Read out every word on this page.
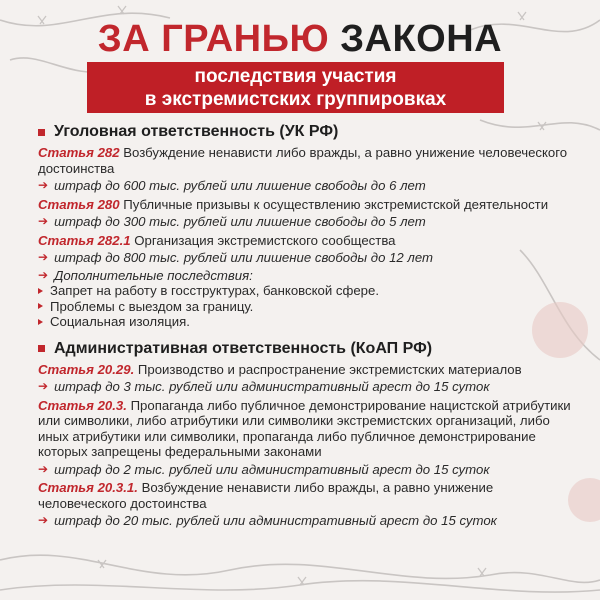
ЗА ГРАНЬЮ ЗАКОНА
последствия участия
в экстремистских группировках
Уголовная ответственность (УК РФ)
Статья 282 Возбуждение ненависти либо вражды, а равно унижение человеческого достоинства
➔ штраф до 600 тыс. рублей или лишение свободы до 6 лет
Статья 280 Публичные призывы к осуществлению экстремистской деятельности
➔ штраф до 300 тыс. рублей или лишение свободы до 5 лет
Статья 282.1 Организация экстремистского сообщества
➔ штраф до 800 тыс. рублей или лишение свободы до 12 лет
➔ Дополнительные последствия:
Запрет на работу в госструктурах, банковской сфере.
Проблемы с выездом за границу.
Социальная изоляция.
Административная ответственность (КоАП РФ)
Статья 20.29. Производство и распространение экстремистских материалов
➔ штраф до 3 тыс. рублей или административный арест до 15 суток
Статья 20.3. Пропаганда либо публичное демонстрирование нацистской атрибутики или символики, либо атрибутики или символики экстремистских организаций, либо иных атрибутики или символики, пропаганда либо публичное демонстрирование которых запрещены федеральными законами
➔ штраф до 2 тыс. рублей или административный арест до 15 суток
Статья 20.3.1. Возбуждение ненависти либо вражды, а равно унижение человеческого достоинства
➔ штраф до 20 тыс. рублей или административный арест до 15 суток
